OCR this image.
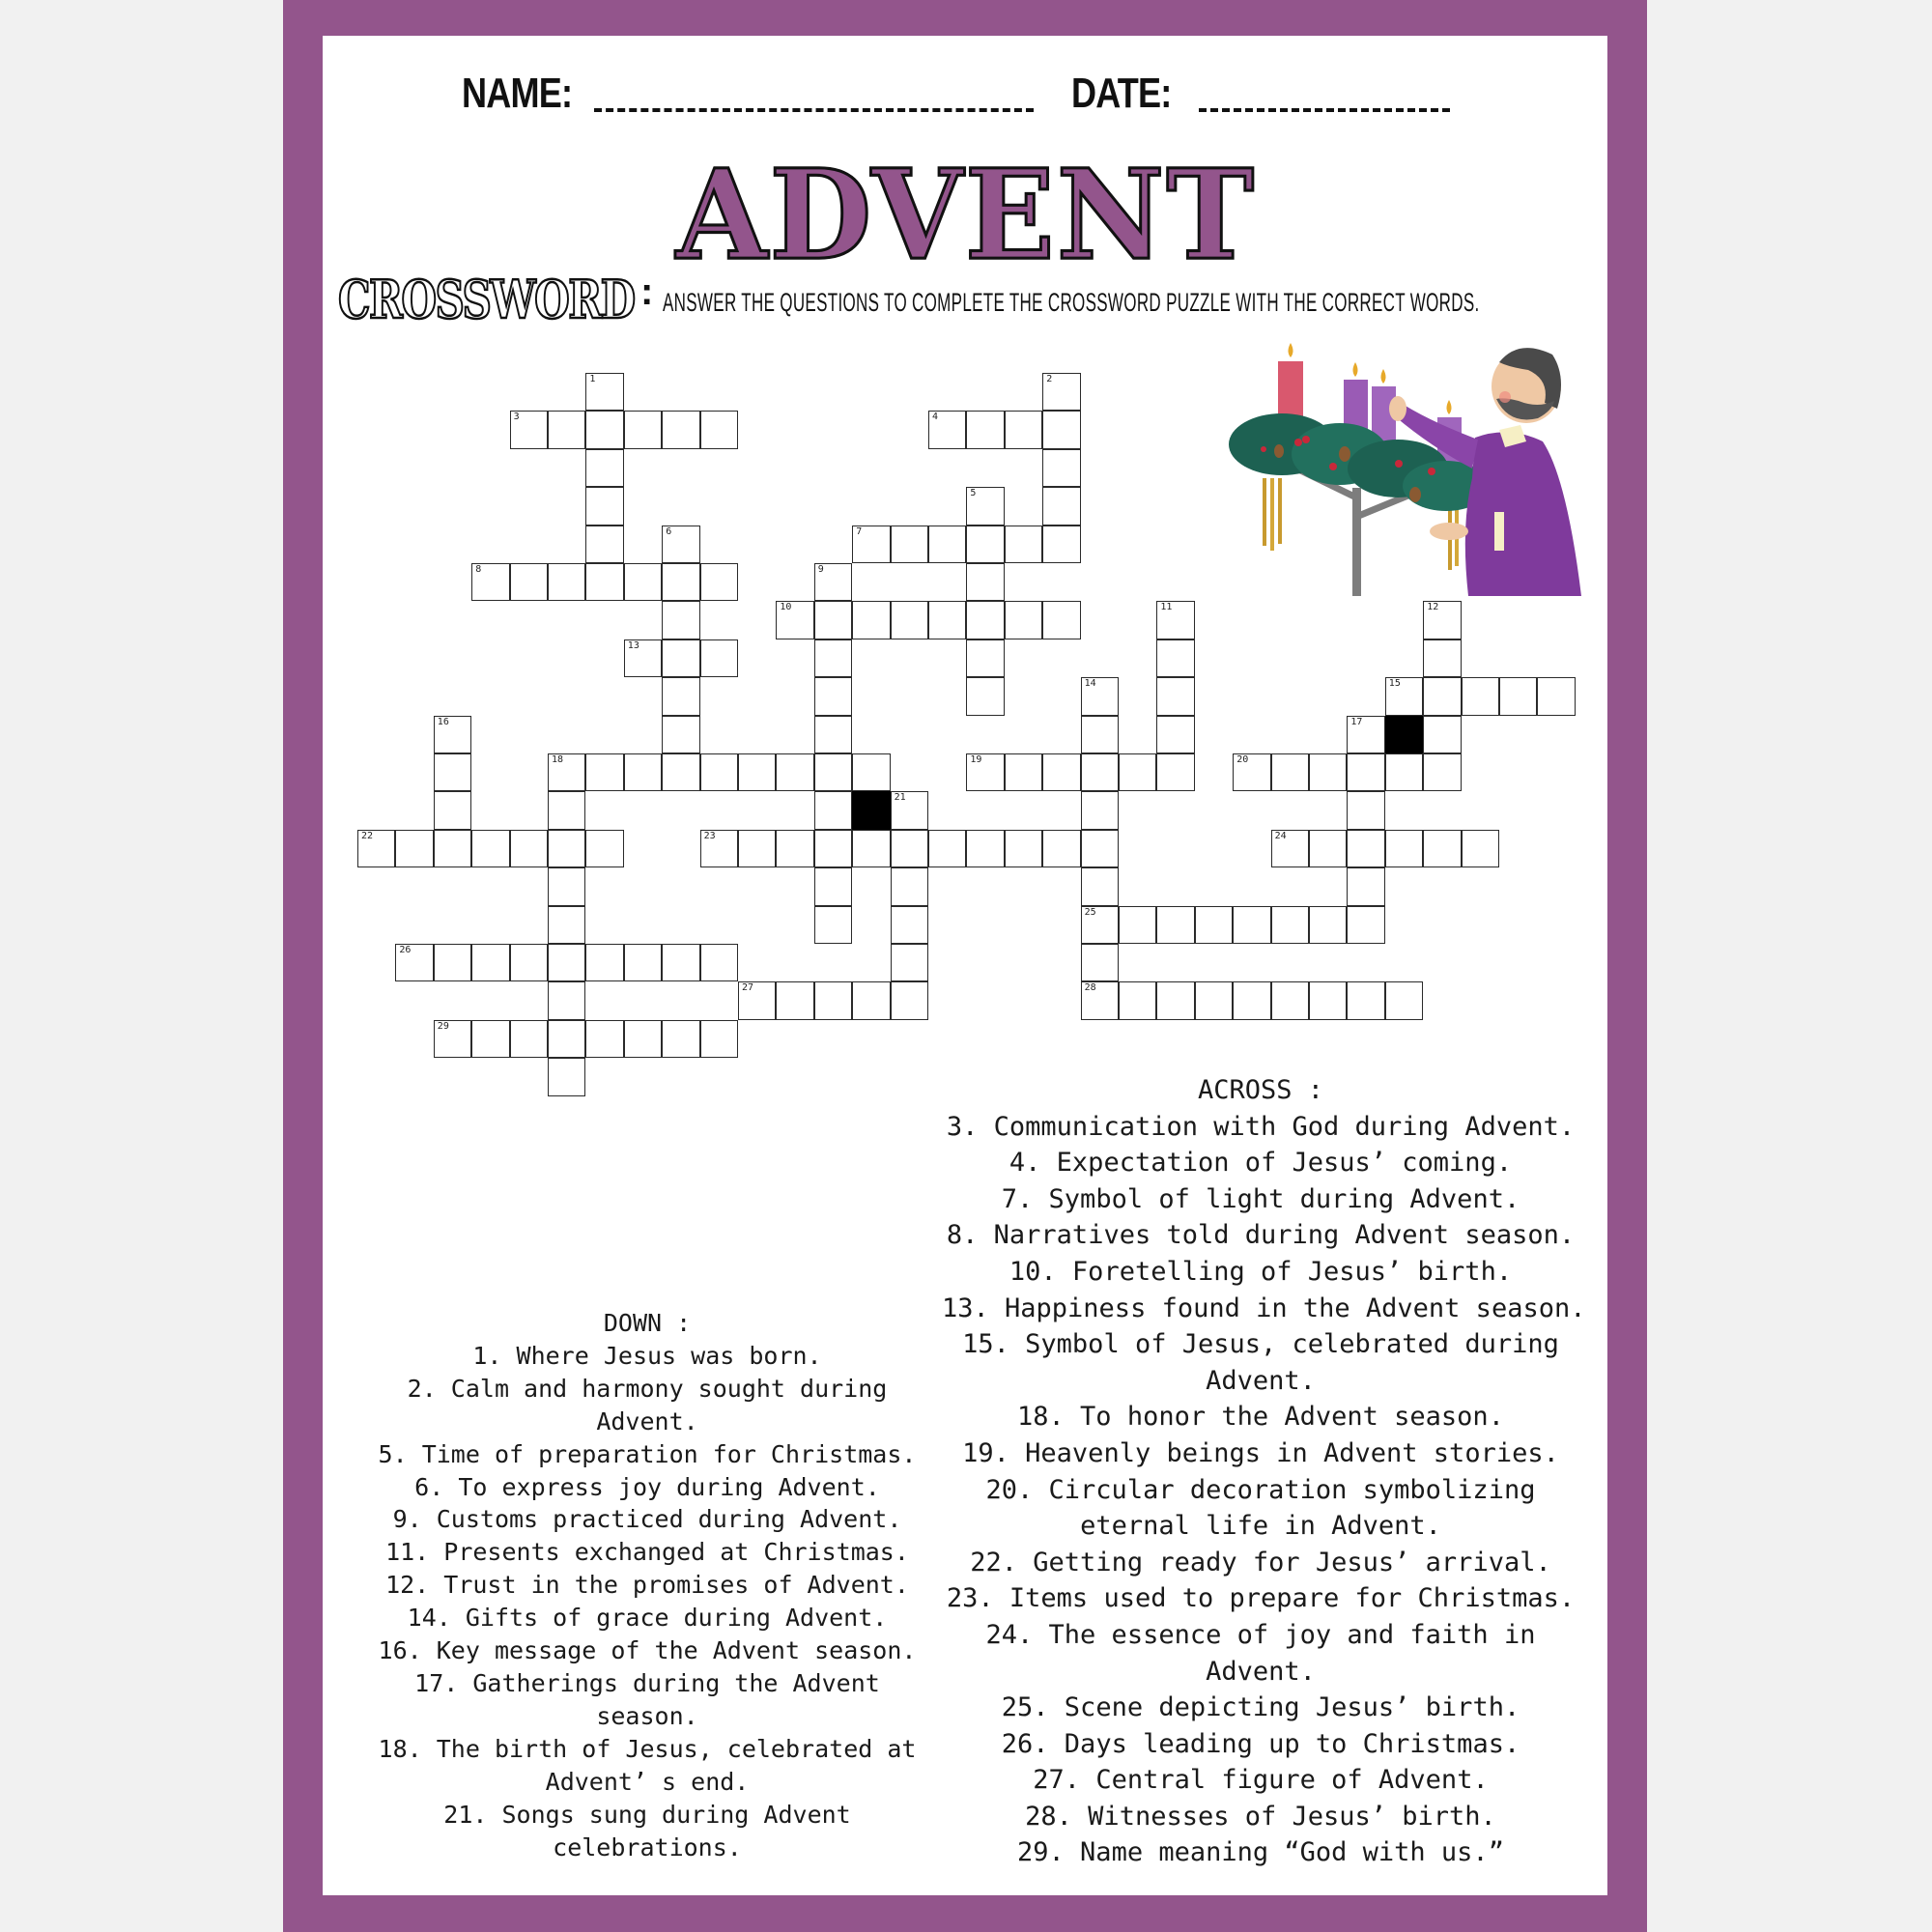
NAME:	DATE:
ADVENT
CROSSWORD : ANSWER THE QUESTIONS TO COMPLETE THE CROSSWORD PUZZLE WITH THE CORRECT WORDS.
1	2
3	4
5
6	7
8	9
10	11	12
13
14
25
28
15
16	17
18	19	20
21
22	23	24
26
27
29
ACROSS :
3. Communication with God during Advent.
4. Expectation of Jesus’ coming.
7. Symbol of light during Advent.
8. Narratives told during Advent season.
10. Foretelling of Jesus’ birth.
13. Happiness found in the Advent season.
15. Symbol of Jesus, celebrated during
Advent.
18. To honor the Advent season.
19. Heavenly beings in Advent stories.
20. Circular decoration symbolizing
eternal life in Advent.
22. Getting ready for Jesus’ arrival.
23. Items used to prepare for Christmas.
24. The essence of joy and faith in
Advent.
25. Scene depicting Jesus’ birth.
26. Days leading up to Christmas.
27. Central figure of Advent.
28. Witnesses of Jesus’ birth.
29. Name meaning “God with us.”
DOWN :
1. Where Jesus was born.
2. Calm and harmony sought during
Advent.
5. Time of preparation for Christmas.
6. To express joy during Advent.
9. Customs practiced during Advent.
11. Presents exchanged at Christmas.
12. Trust in the promises of Advent.
14. Gifts of grace during Advent.
16. Key message of the Advent season.
17. Gatherings during the Advent
season.
18. The birth of Jesus, celebrated at
Advent’ s end.
21. Songs sung during Advent
celebrations.
